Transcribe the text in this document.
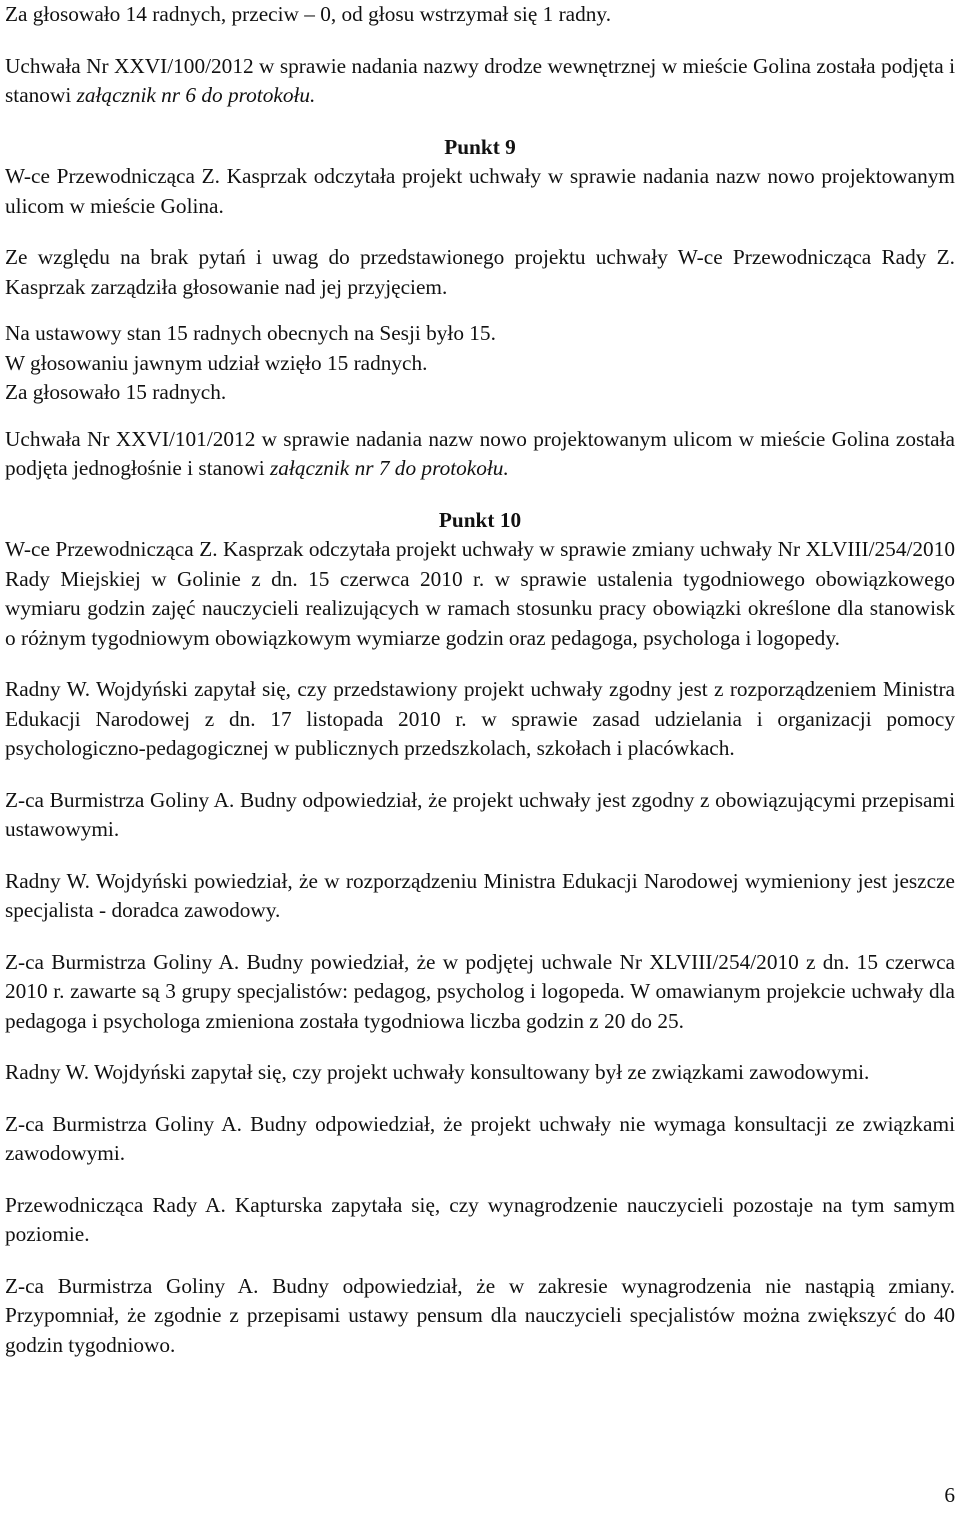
Za głosowało 14 radnych, przeciw – 0, od głosu wstrzymał się 1 radny.

Uchwała Nr XXVI/100/2012 w sprawie nadania nazwy drodze wewnętrznej w mieście Golina została podjęta i stanowi załącznik nr 6 do protokołu.

Punkt 9

W-ce Przewodnicząca Z. Kasprzak odczytała projekt uchwały w sprawie nadania nazw nowo projektowanym ulicom w mieście Golina.

Ze względu na brak pytań i uwag do przedstawionego projektu uchwały W-ce Przewodnicząca Rady Z. Kasprzak zarządziła głosowanie nad jej przyjęciem.

Na ustawowy stan 15 radnych obecnych na Sesji było 15.

W głosowaniu jawnym udział wzięło 15 radnych.

Za głosowało 15 radnych.

Uchwała Nr XXVI/101/2012 w sprawie nadania nazw nowo projektowanym ulicom w mieście Golina została podjęta jednogłośnie i stanowi załącznik nr 7 do protokołu.

Punkt 10

W-ce Przewodnicząca Z. Kasprzak odczytała projekt uchwały w sprawie zmiany uchwały Nr XLVIII/254/2010 Rady Miejskiej w Golinie z dn. 15 czerwca 2010 r. w sprawie ustalenia tygodniowego obowiązkowego wymiaru godzin zajęć nauczycieli realizujących w ramach stosunku pracy obowiązki określone dla stanowisk o różnym tygodniowym obowiązkowym wymiarze godzin oraz pedagoga, psychologa i logopedy.

Radny W. Wojdyński zapytał się, czy przedstawiony projekt uchwały zgodny jest z rozporządzeniem Ministra Edukacji Narodowej z dn. 17 listopada 2010 r. w sprawie zasad udzielania i organizacji pomocy psychologiczno-pedagogicznej w publicznych przedszkolach, szkołach i placówkach.

Z-ca Burmistrza Goliny A. Budny odpowiedział, że projekt uchwały jest zgodny z obowiązującymi przepisami ustawowymi.

Radny W. Wojdyński powiedział, że w rozporządzeniu Ministra Edukacji Narodowej wymieniony jest jeszcze specjalista - doradca zawodowy.

Z-ca Burmistrza Goliny A. Budny powiedział, że w podjętej uchwale Nr XLVIII/254/2010 z dn. 15 czerwca 2010 r. zawarte są 3 grupy specjalistów: pedagog, psycholog i logopeda. W omawianym projekcie uchwały dla pedagoga i psychologa zmieniona została tygodniowa liczba godzin z 20 do 25.

Radny W. Wojdyński zapytał się, czy projekt uchwały konsultowany był ze związkami zawodowymi.

Z-ca Burmistrza Goliny A. Budny odpowiedział, że projekt uchwały nie wymaga konsultacji ze związkami zawodowymi.

Przewodnicząca Rady A. Kapturska zapytała się, czy wynagrodzenie nauczycieli pozostaje na tym samym poziomie.

Z-ca Burmistrza Goliny A. Budny odpowiedział, że w zakresie wynagrodzenia nie nastąpią zmiany. Przypomniał, że zgodnie z przepisami ustawy pensum dla nauczycieli specjalistów można zwiększyć do 40 godzin tygodniowo.

6
